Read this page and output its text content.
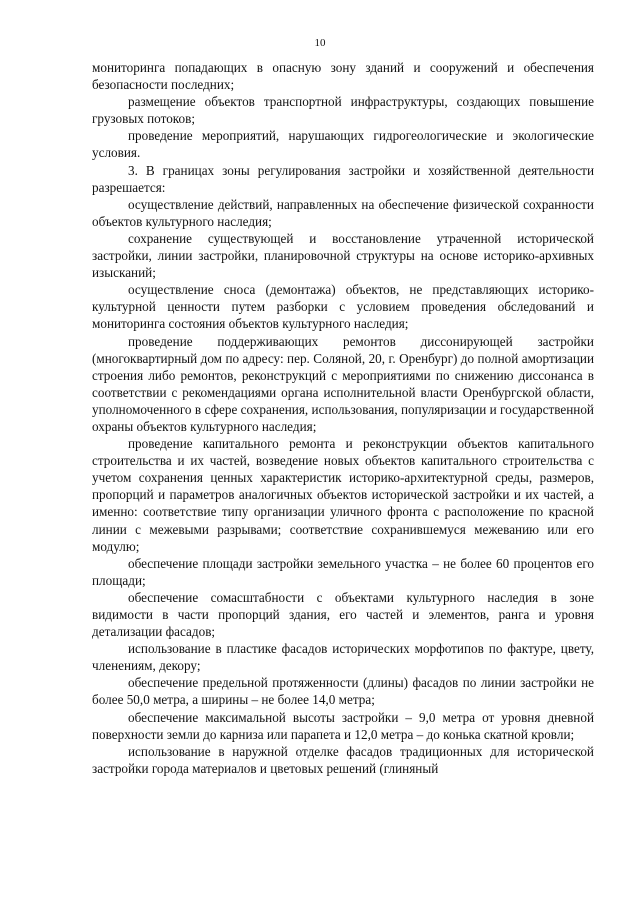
10

мониторинга попадающих в опасную зону зданий и сооружений и обеспечения безопасности последних;

размещение объектов транспортной инфраструктуры, создающих повышение грузовых потоков;

проведение мероприятий, нарушающих гидрогеологические и экологические условия.

3. В границах зоны регулирования застройки и хозяйственной деятельности разрешается:

осуществление действий, направленных на обеспечение физической сохранности объектов культурного наследия;

сохранение существующей и восстановление утраченной исторической застройки, линии застройки, планировочной структуры на основе историко-архивных изысканий;

осуществление сноса (демонтажа) объектов, не представляющих историко-культурной ценности путем разборки с условием проведения обследований и мониторинга состояния объектов культурного наследия;

проведение поддерживающих ремонтов диссонирующей застройки (многоквартирный дом по адресу: пер. Соляной, 20, г. Оренбург) до полной амортизации строения либо ремонтов, реконструкций с мероприятиями по снижению диссонанса в соответствии с рекомендациями органа исполнительной власти Оренбургской области, уполномоченного в сфере сохранения, использования, популяризации и государственной охраны объектов культурного наследия;

проведение капитального ремонта и реконструкции объектов капитального строительства и их частей, возведение новых объектов капитального строительства с учетом сохранения ценных характеристик историко-архитектурной среды, размеров, пропорций и параметров аналогичных объектов исторической застройки и их частей, а именно: соответствие типу организации уличного фронта с расположение по красной линии с межевыми разрывами; соответствие сохранившемуся межеванию или его модулю;

обеспечение площади застройки земельного участка – не более 60 процентов его площади;

обеспечение сомасштабности с объектами культурного наследия в зоне видимости в части пропорций здания, его частей и элементов, ранга и уровня детализации фасадов;

использование в пластике фасадов исторических морфотипов по фактуре, цвету, членениям, декору;

обеспечение предельной протяженности (длины) фасадов по линии застройки не более 50,0 метра, а ширины – не более 14,0 метра;

обеспечение максимальной высоты застройки – 9,0 метра от уровня дневной поверхности земли до карниза или парапета и 12,0 метра – до конька скатной кровли;

использование в наружной отделке фасадов традиционных для исторической застройки города материалов и цветовых решений (глиняный
